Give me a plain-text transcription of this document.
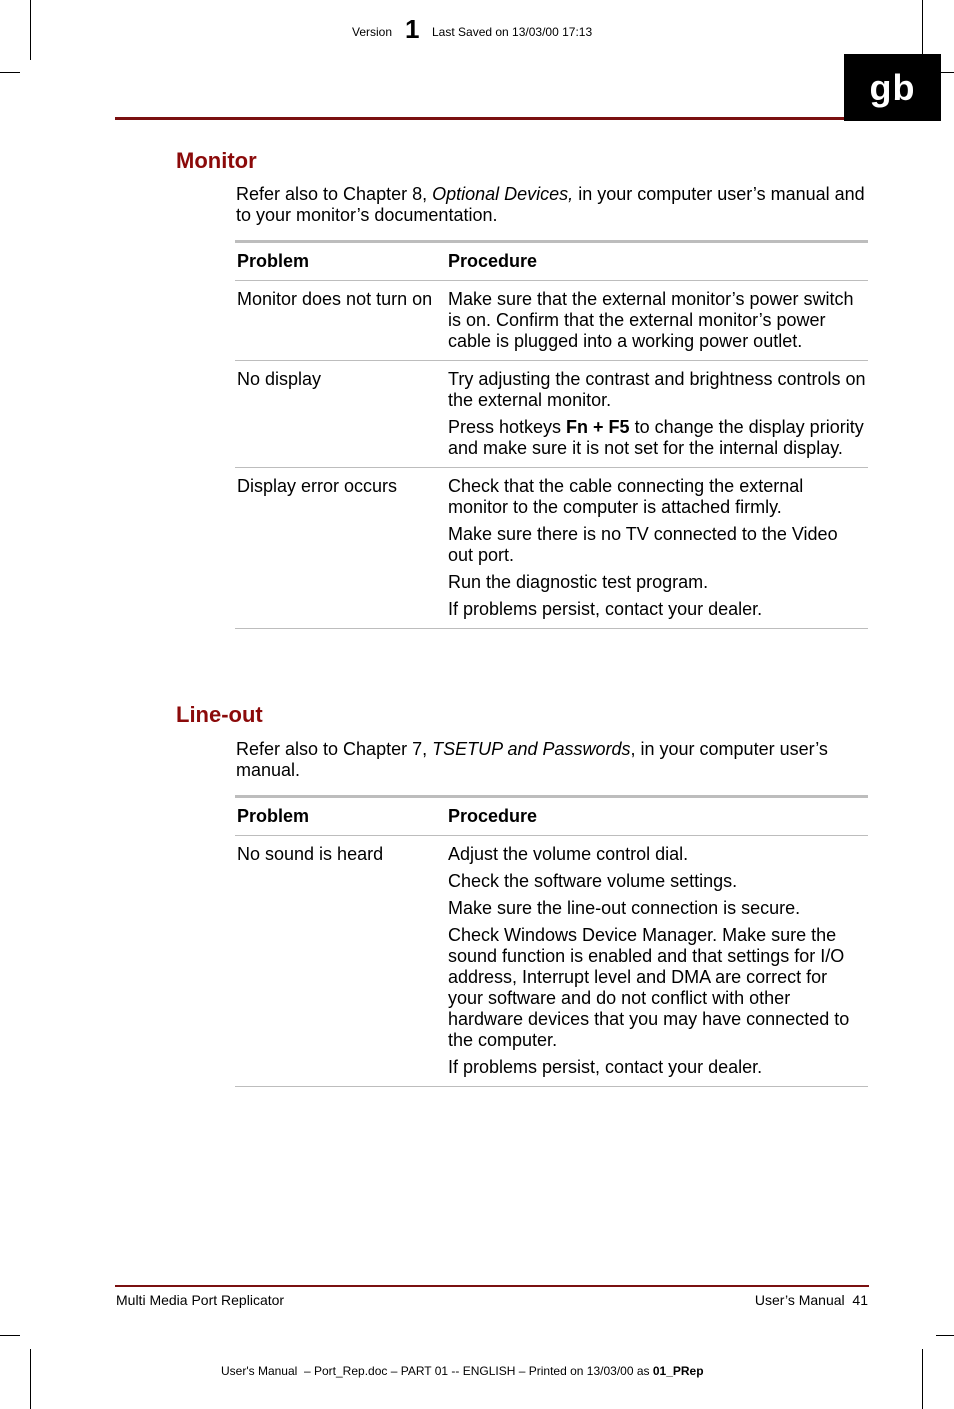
Version 1 Last Saved on 13/03/00 17:13
gb
Monitor
Refer also to Chapter 8, Optional Devices, in your computer user’s manual and to your monitor’s documentation.
Problem	Procedure
Monitor does not turn on	Make sure that the external monitor’s power switch is on. Confirm that the external monitor’s power cable is plugged into a working power outlet.

No display	Try adjusting the contrast and brightness controls on the external monitor.

Press hotkeys Fn + F5 to change the display priority and make sure it is not set for the internal display.

Display error occurs	Check that the cable connecting the external monitor to the computer is attached firmly.

Make sure there is no TV connected to the Video out port.

Run the diagnostic test program.

If problems persist, contact your dealer.

Line-out
Refer also to Chapter 7, TSETUP and Passwords, in your computer user’s manual.
Problem	Procedure
No sound is heard	Adjust the volume control dial.

Check the software volume settings.

Make sure the line-out connection is secure.

Check Windows Device Manager. Make sure the sound function is enabled and that settings for I/O address, Interrupt level and DMA are correct for your software and do not conflict with other hardware devices that you may have connected to the computer.

If problems persist, contact your dealer.

Multi Media Port Replicator	User’s Manual  41
User's Manual  – Port_Rep.doc – PART 01 -- ENGLISH – Printed on 13/03/00 as 01_PRep
